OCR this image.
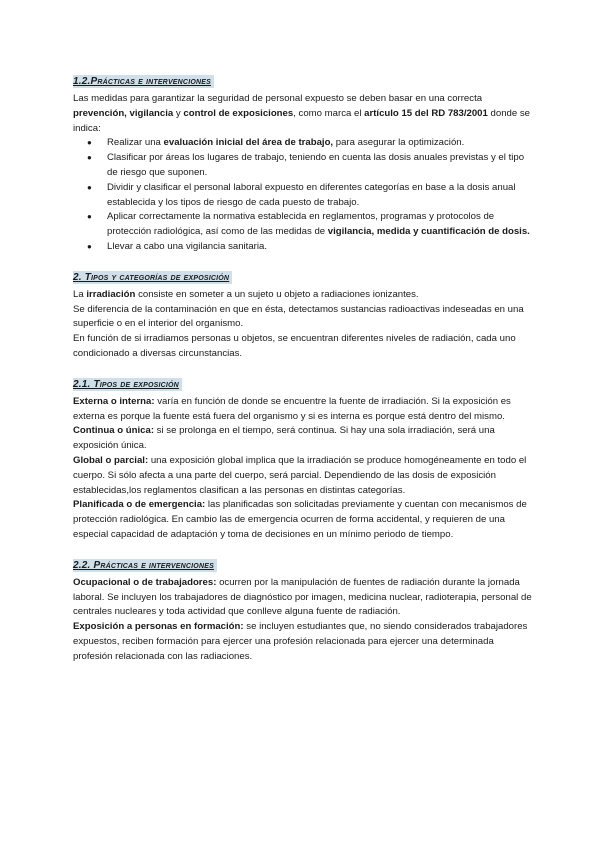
1.2.Prácticas e intervenciones

Las medidas para garantizar la seguridad de personal expuesto se deben basar en una correcta prevención, vigilancia y control de exposiciones, como marca el artículo 15 del RD 783/2001 donde se indica:

● Realizar una evaluación inicial del área de trabajo, para asegurar la optimización.
● Clasificar por áreas los lugares de trabajo, teniendo en cuenta las dosis anuales previstas y el tipo de riesgo que suponen.
● Dividir y clasificar el personal laboral expuesto en diferentes categorías en base a la dosis anual establecida y los tipos de riesgo de cada puesto de trabajo.
● Aplicar correctamente la normativa establecida en reglamentos, programas y protocolos de protección radiológica, así como de las medidas de vigilancia, medida y cuantificación de dosis.
● Llevar a cabo una vigilancia sanitaria.
2. Tipos y categorías de exposición

La irradiación consiste en someter a un sujeto u objeto a radiaciones ionizantes.

Se diferencia de la contaminación en que en ésta, detectamos sustancias radioactivas indeseadas en una superficie o en el interior del organismo.

En función de si irradiamos personas u objetos, se encuentran diferentes niveles de radiación, cada uno condicionado a diversas circunstancias.

2.1. Tipos de exposición

Externa o interna: varía en función de donde se encuentre la fuente de irradiación. Si la exposición es externa es porque la fuente está fuera del organismo y si es interna es porque está dentro del mismo.

Continua o única: si se prolonga en el tiempo, será continua. Si hay una sola irradiación, será una exposición única.

Global o parcial: una exposición global implica que la irradiación se produce homogéneamente en todo el cuerpo. Si sólo afecta a una parte del cuerpo, será parcial. Dependiendo de las dosis de exposición establecidas,los reglamentos clasifican a las personas en distintas categorías.

Planificada o de emergencia: las planificadas son solicitadas previamente y cuentan con mecanismos de protección radiológica. En cambio las de emergencia ocurren de forma accidental, y requieren de una especial capacidad de adaptación y toma de decisiones en un mínimo periodo de tiempo.

2.2. Prácticas e intervenciones

Ocupacional o de trabajadores: ocurren por la manipulación de fuentes de radiación durante la jornada laboral. Se incluyen los trabajadores de diagnóstico por imagen, medicina nuclear, radioterapia, personal de centrales nucleares y toda actividad que conlleve alguna fuente de radiación.

Exposición a personas en formación: se incluyen estudiantes que, no siendo considerados trabajadores expuestos, reciben formación para ejercer una profesión relacionada para ejercer una determinada profesión relacionada con las radiaciones.
